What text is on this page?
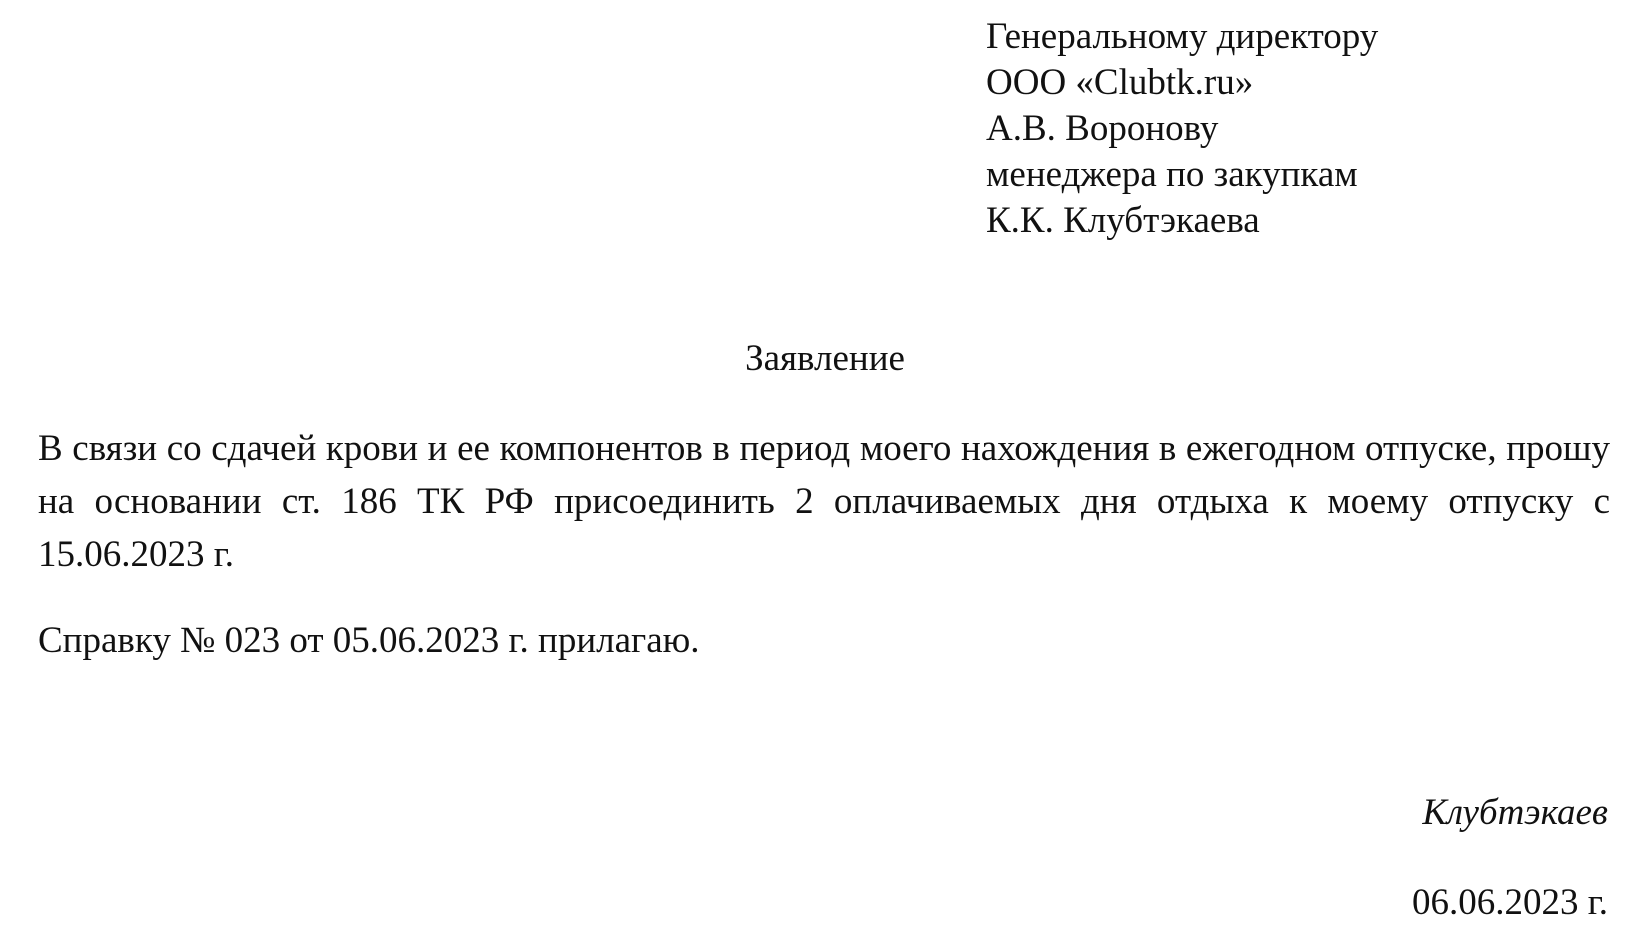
Генеральному директору
ООО «Clubtk.ru»
А.В. Воронову
менеджера по закупкам
К.К. Клубтэкаева
Заявление

В связи со сдачей крови и ее компонентов в период моего нахождения в ежегодном отпуске, прошу на основании ст. 186 ТК РФ присоединить 2 оплачиваемых дня отдыха к моему отпуску с 15.06.2023 г.

Справку № 023 от 05.06.2023 г. прилагаю.

Клубтэкаев
06.06.2023 г.
